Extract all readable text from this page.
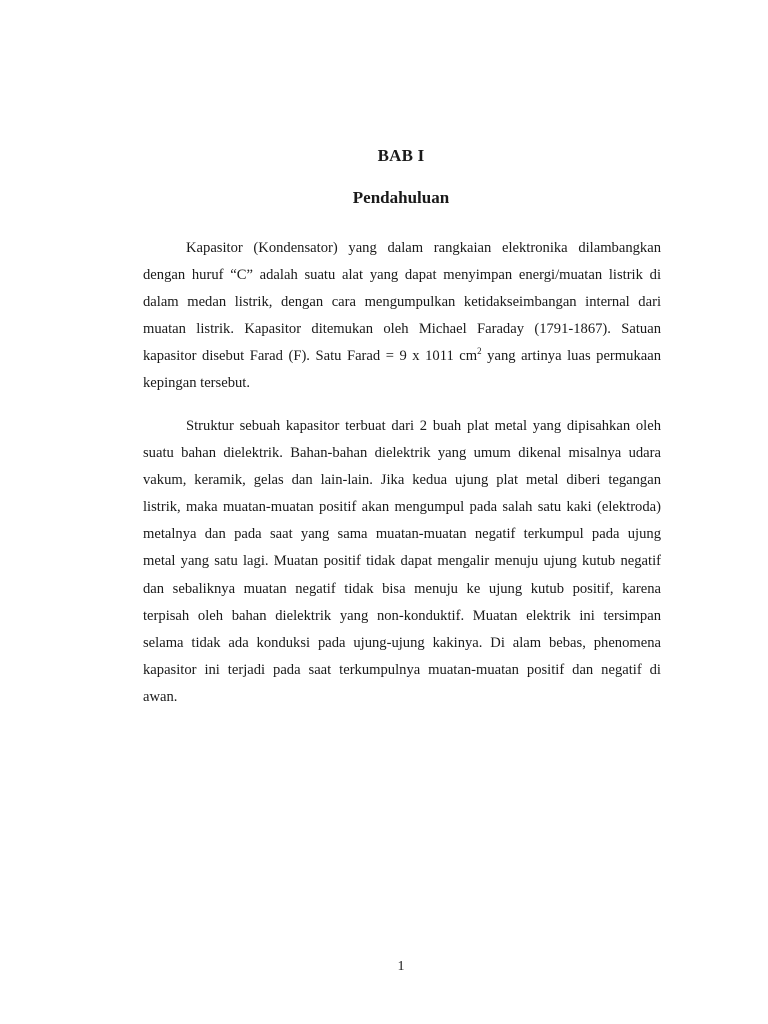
BAB I
Pendahuluan
Kapasitor (Kondensator) yang dalam rangkaian elektronika dilambangkan
dengan huruf “C” adalah suatu alat yang dapat menyimpan energi/muatan listrik di
dalam medan listrik, dengan cara mengumpulkan ketidakseimbangan internal dari
muatan listrik. Kapasitor ditemukan oleh Michael Faraday (1791-1867). Satuan
kapasitor disebut Farad (F). Satu Farad = 9 x 1011 $cm^2$ yang artinya luas permukaan
kepingan tersebut.
Struktur sebuah kapasitor terbuat dari 2 buah plat metal yang dipisahkan oleh
suatu bahan dielektrik. Bahan-bahan dielektrik yang umum dikenal misalnya udara
vakum, keramik, gelas dan lain-lain. Jika kedua ujung plat metal diberi tegangan
listrik, maka muatan-muatan positif akan mengumpul pada salah satu kaki (elektroda)
metalnya dan pada saat yang sama muatan-muatan negatif terkumpul pada ujung
metal yang satu lagi. Muatan positif tidak dapat mengalir menuju ujung kutub negatif
dan sebaliknya muatan negatif tidak bisa menuju ke ujung kutub positif, karena
terpisah oleh bahan dielektrik yang non-konduktif. Muatan elektrik ini tersimpan
selama tidak ada konduksi pada ujung-ujung kakinya. Di alam bebas, phenomena
kapasitor ini terjadi pada saat terkumpulnya muatan-muatan positif dan negatif di
awan.
1
